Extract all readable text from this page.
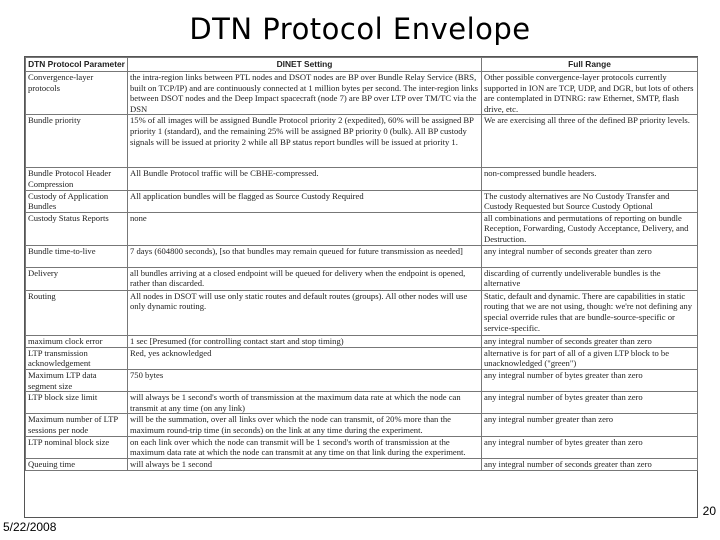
DTN Protocol Envelope
DTN Protocol Parameter	DINET Setting	Full Range
Convergence-layer protocols	the intra-region links between PTL nodes and DSOT nodes are BP over Bundle Relay Service (BRS, built on TCP/IP) and are continuously connected at 1 million bytes per second. The inter-region links between DSOT nodes and the Deep Impact spacecraft (node 7) are BP over LTP over TM/TC via the DSN	Other possible convergence-layer protocols currently supported in ION are TCP, UDP, and DGR, but lots of others are contemplated in DTNRG: raw Ethernet, SMTP, flash drive, etc.
Bundle priority	15% of all images will be assigned Bundle Protocol priority 2 (expedited), 60% will be assigned BP priority 1 (standard), and the remaining 25% will be assigned BP priority 0 (bulk). All BP custody signals will be issued at priority 2 while all BP status report bundles will be issued at priority 1.	We are exercising all three of the defined BP priority levels.
Bundle Protocol Header Compression	All Bundle Protocol traffic will be CBHE-compressed.	non-compressed bundle headers.
Custody of Application Bundles	All application bundles will be flagged as Source Custody Required	The custody alternatives are No Custody Transfer and Custody Requested but Source Custody Optional
Custody Status Reports	none	all combinations and permutations of reporting on bundle Reception, Forwarding, Custody Acceptance, Delivery, and Destruction.
Bundle time-to-live	7 days (604800 seconds), [so that bundles may remain queued for future transmission as needed]	any integral number of seconds greater than zero
Delivery	all bundles arriving at a closed endpoint will be queued for delivery when the endpoint is opened, rather than discarded.	discarding of currently undeliverable bundles is the alternative
Routing	All nodes in DSOT will use only static routes and default routes (groups). All other nodes will use only dynamic routing.	Static, default and dynamic. There are capabilities in static routing that we are not using, though: we're not defining any special override rules that are bundle-source-specific or service-specific.
maximum clock error	1 sec [Presumed (for controlling contact start and stop timing)	any integral number of seconds greater than zero
LTP transmission acknowledgement	Red, yes acknowledged	alternative is for part of all of a given LTP block to be unacknowledged ("green")
Maximum LTP data segment size	750 bytes	any integral number of bytes greater than zero
LTP block size limit	will always be 1 second's worth of transmission at the maximum data rate at which the node can transmit at any time (on any link)	any integral number of bytes greater than zero
Maximum number of LTP sessions per node	will be the summation, over all links over which the node can transmit, of 20% more than the maximum round-trip time (in seconds) on the link at any time during the experiment.	any integral number greater than zero
LTP nominal block size	on each link over which the node can transmit will be 1 second's worth of transmission at the maximum data rate at which the node can transmit at any time on that link during the experiment.	any integral number of bytes greater than zero
Queuing time	will always be 1 second	any integral number of seconds greater than zero
5/22/2008
20
